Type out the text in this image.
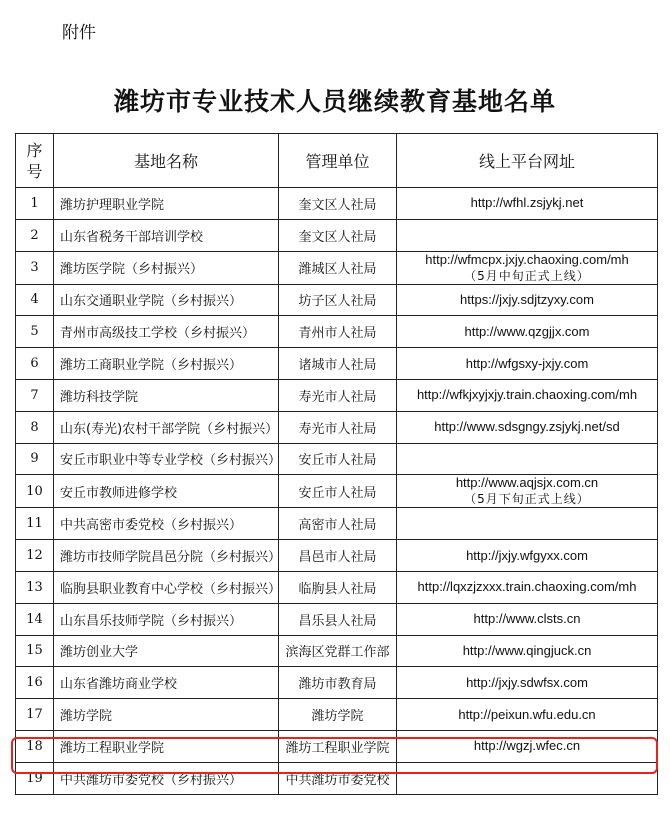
附件
潍坊市专业技术人员继续教育基地名单
序
号	基地名称	管理单位	线上平台网址
1	潍坊护理职业学院	奎文区人社局	http://wfhl.zsjykj.net
2	山东省税务干部培训学校	奎文区人社局	
3	潍坊医学院（乡村振兴）	潍城区人社局	http://wfmcpx.jxjy.chaoxing.com/mh
（5月中旬正式上线）

4	山东交通职业学院（乡村振兴）	坊子区人社局	https://jxjy.sdjtzyxy.com
5	青州市高级技工学校（乡村振兴）	青州市人社局	http://www.qzgjjx.com
6	潍坊工商职业学院（乡村振兴）	诸城市人社局	http://wfgsxy-jxjy.com
7	潍坊科技学院	寿光市人社局	http://wfkjxyjxjy.train.chaoxing.com/mh
8	山东(寿光)农村干部学院（乡村振兴）	寿光市人社局	http://www.sdsgngy.zsjykj.net/sd
9	安丘市职业中等专业学校（乡村振兴）	安丘市人社局	
10	安丘市教师进修学校	安丘市人社局	http://www.aqjsjx.com.cn
（5月下旬正式上线）

11	中共高密市委党校（乡村振兴）	高密市人社局	
12	潍坊市技师学院昌邑分院（乡村振兴）	昌邑市人社局	http://jxjy.wfgyxx.com
13	临朐县职业教育中心学校（乡村振兴）	临朐县人社局	http://lqxzjzxxx.train.chaoxing.com/mh
14	山东昌乐技师学院（乡村振兴）	昌乐县人社局	http://www.clsts.cn
15	潍坊创业大学	滨海区党群工作部	http://www.qingjuck.cn
16	山东省潍坊商业学校	潍坊市教育局	http://jxjy.sdwfsx.com
17	潍坊学院	潍坊学院	http://peixun.wfu.edu.cn
18	潍坊工程职业学院	潍坊工程职业学院	http://wgzj.wfec.cn
19	中共潍坊市委党校（乡村振兴）	中共潍坊市委党校	
